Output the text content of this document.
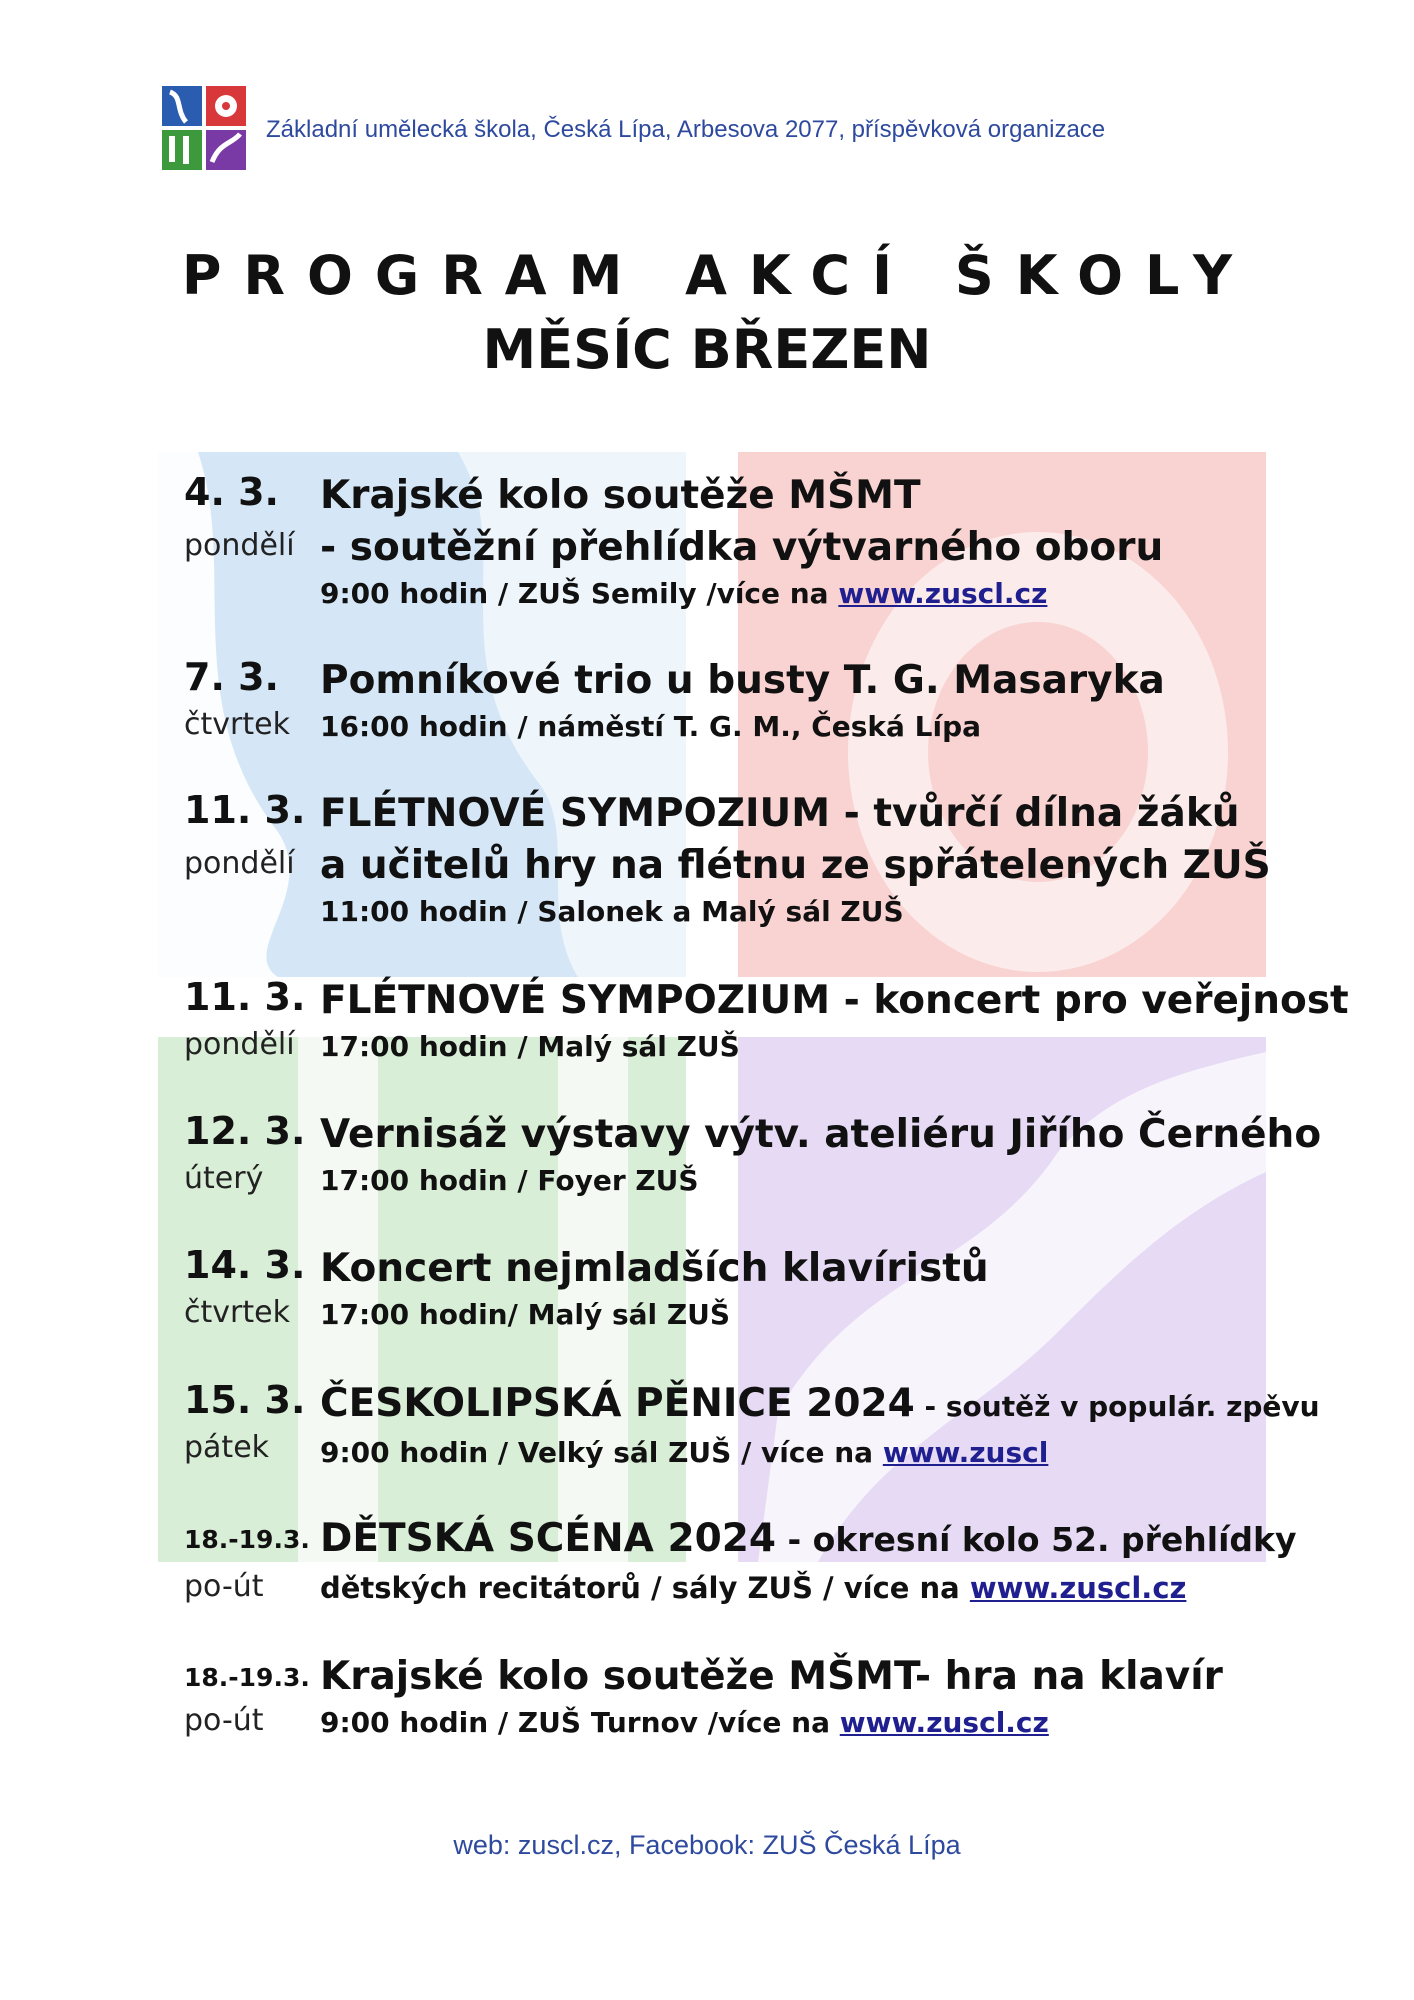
Základní umělecká škola, Česká Lípa, Arbesova 2077, příspěvková organizace
PROGRAM AKCÍ ŠKOLY
MĚSÍC BŘEZEN
4. 3.
pondělí
Krajské kolo soutěže MŠMT
- soutěžní přehlídka výtvarného oboru
9:00 hodin / ZUŠ Semily /více na www.zuscl.cz
7. 3.
čtvrtek
Pomníkové trio u busty T. G. Masaryka
16:00 hodin / náměstí T. G. M., Česká Lípa
11. 3.
pondělí
FLÉTNOVÉ SYMPOZIUM - tvůrčí dílna žáků
a učitelů hry na flétnu ze spřátelených ZUŠ
11:00 hodin / Salonek a Malý sál ZUŠ
11. 3.
pondělí
FLÉTNOVÉ SYMPOZIUM - koncert pro veřejnost
17:00 hodin / Malý sál ZUŠ
12. 3.
úterý
Vernisáž výstavy výtv. ateliéru Jiřího Černého
17:00 hodin / Foyer ZUŠ
14. 3.
čtvrtek
Koncert nejmladších klavíristů
17:00 hodin/ Malý sál ZUŠ
15. 3.
pátek
ČESKOLIPSKÁ PĚNICE 2024 - soutěž v populár. zpěvu
9:00 hodin / Velký sál ZUŠ / více na www.zuscl
18.-19.3.
po-út
DĚTSKÁ SCÉNA 2024 - okresní kolo 52. přehlídky
dětských recitátorů / sály ZUŠ / více na www.zuscl.cz
18.-19.3.
po-út
Krajské kolo soutěže MŠMT- hra na klavír
9:00 hodin / ZUŠ Turnov /více na www.zuscl.cz
web: zuscl.cz, Facebook: ZUŠ Česká Lípa
